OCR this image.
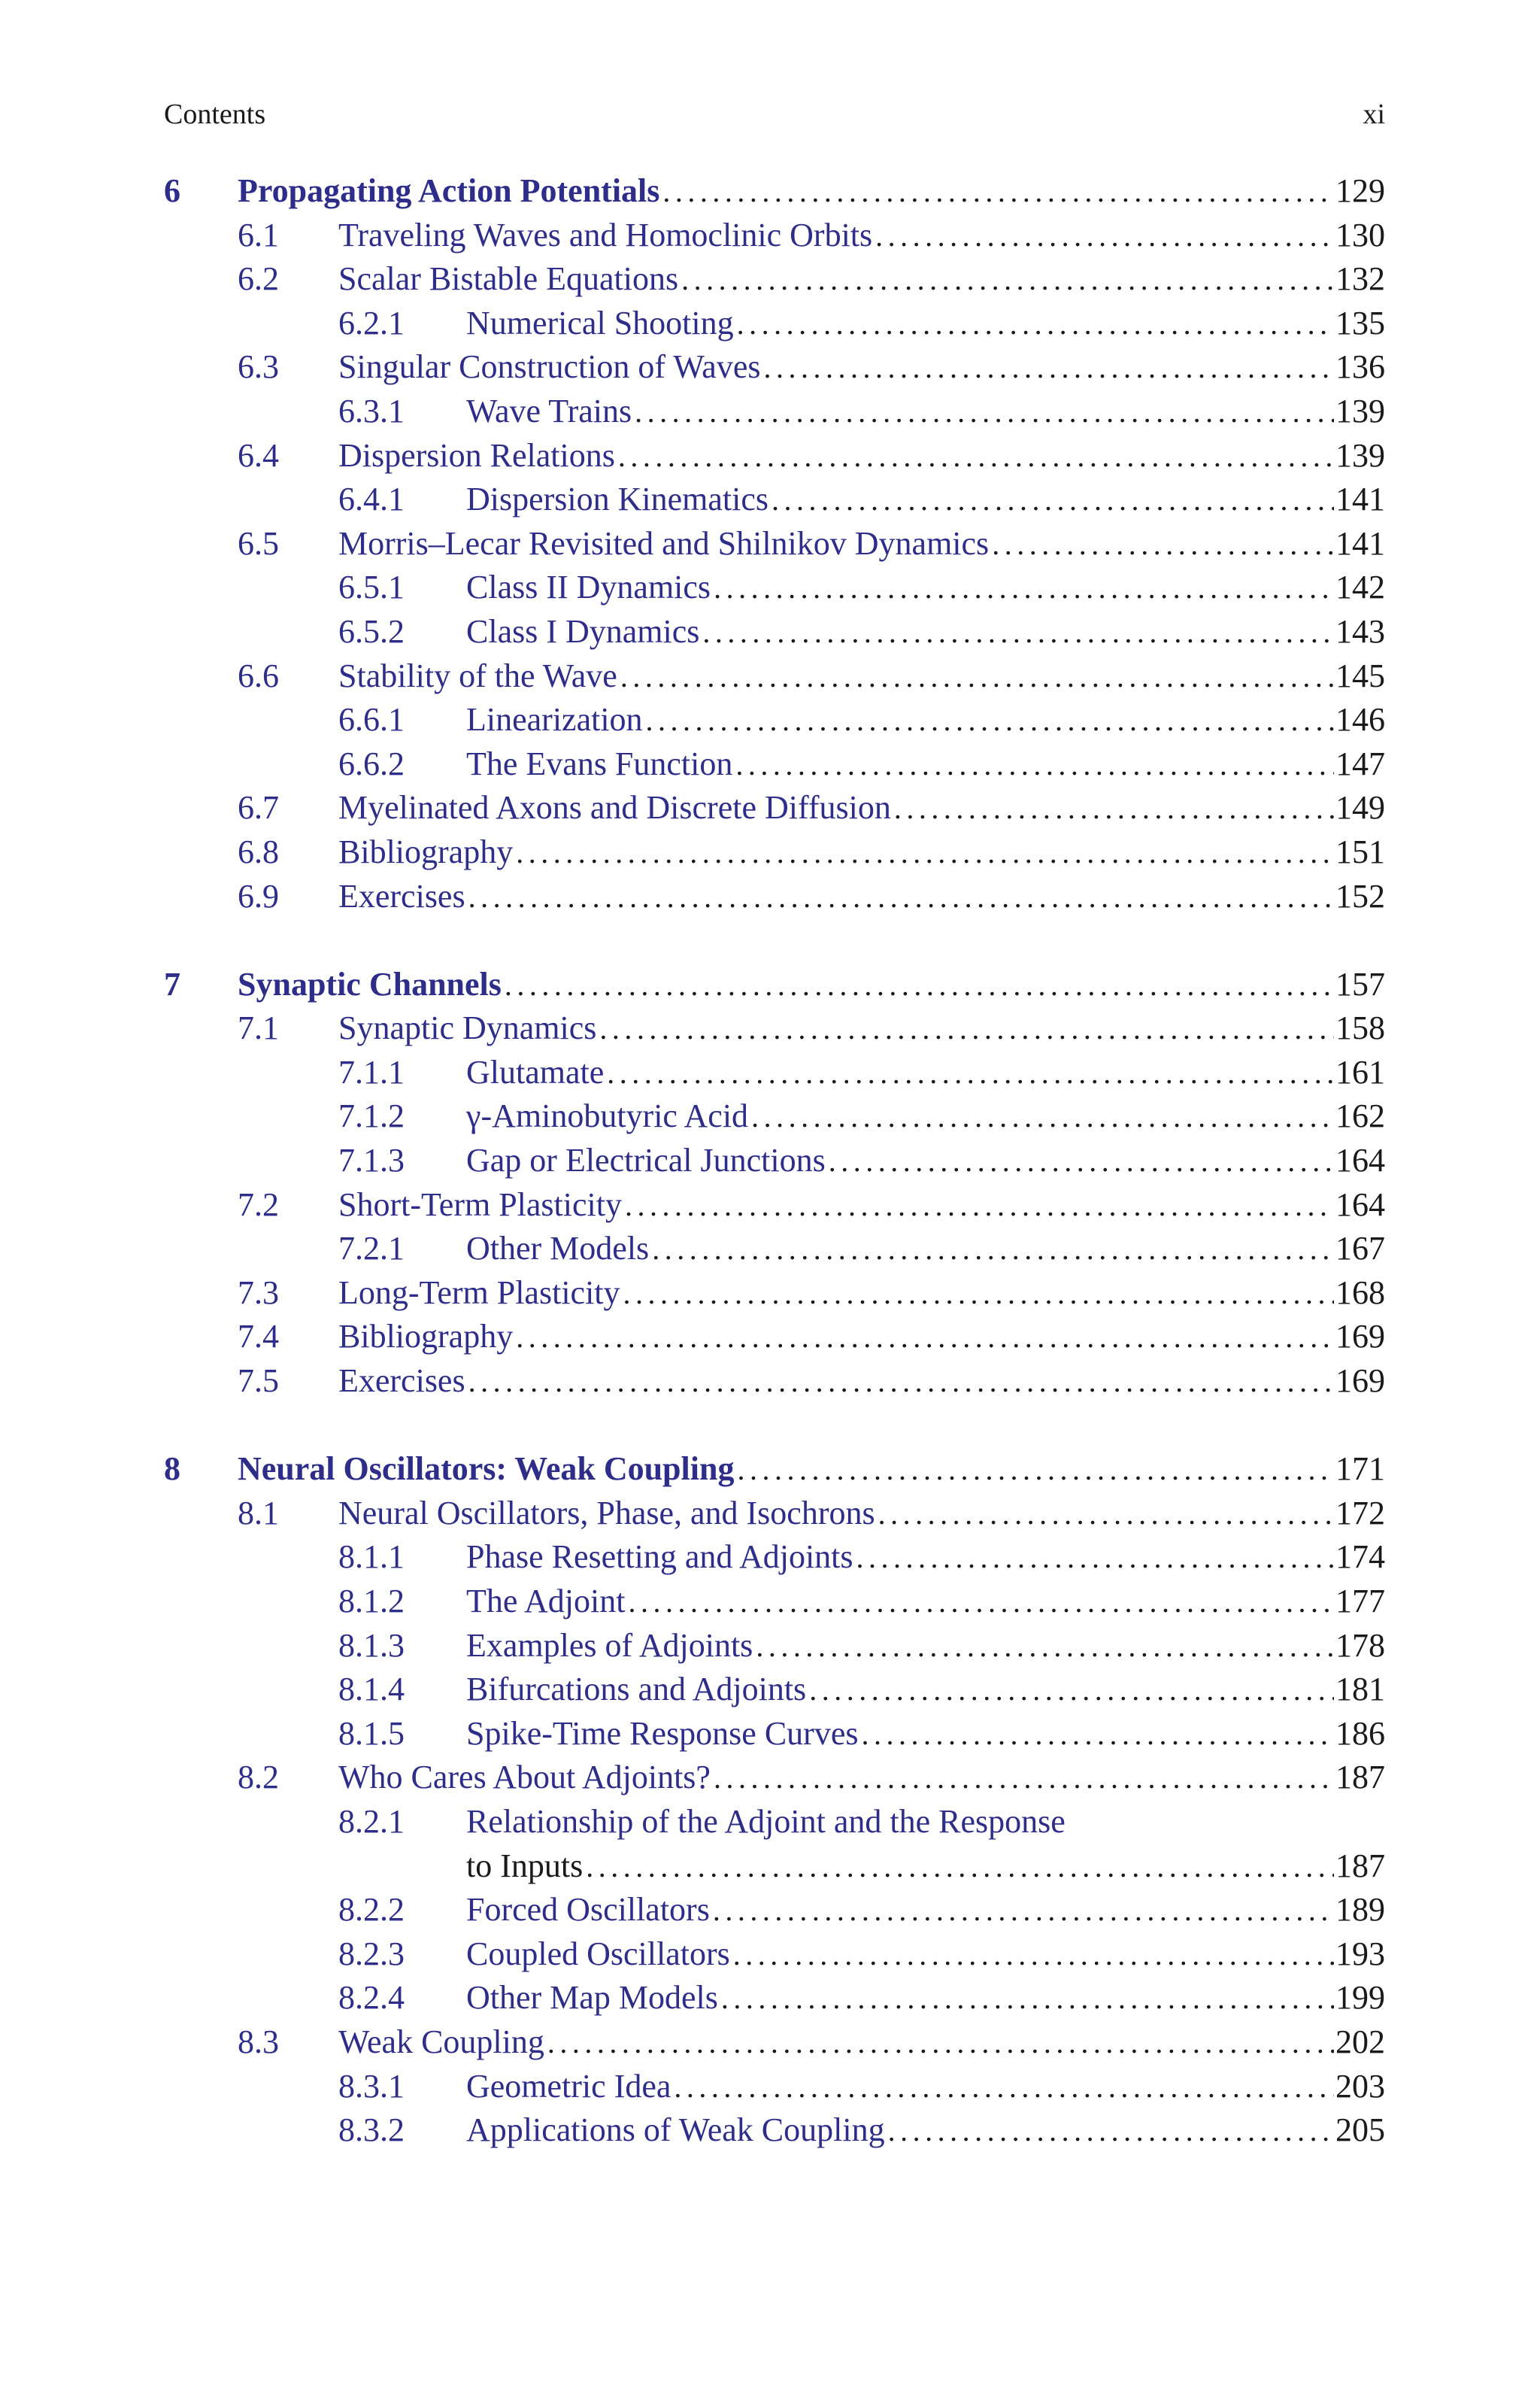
Contents	xi
6 Propagating Action Potentials .....	129
6.1 Traveling Waves and Homoclinic Orbits .....	130
6.2 Scalar Bistable Equations .....	132
6.2.1 Numerical Shooting .....	135
6.3 Singular Construction of Waves .....	136
6.3.1 Wave Trains .....	139
6.4 Dispersion Relations .....	139
6.4.1 Dispersion Kinematics .....	141
6.5 Morris–Lecar Revisited and Shilnikov Dynamics .....	141
6.5.1 Class II Dynamics .....	142
6.5.2 Class I Dynamics .....	143
6.6 Stability of the Wave .....	145
6.6.1 Linearization .....	146
6.6.2 The Evans Function .....	147
6.7 Myelinated Axons and Discrete Diffusion .....	149
6.8 Bibliography .....	151
6.9 Exercises .....	152
7 Synaptic Channels .....	157
7.1 Synaptic Dynamics .....	158
7.1.1 Glutamate .....	161
7.1.2 γ-Aminobutyric Acid .....	162
7.1.3 Gap or Electrical Junctions .....	164
7.2 Short-Term Plasticity .....	164
7.2.1 Other Models .....	167
7.3 Long-Term Plasticity .....	168
7.4 Bibliography .....	169
7.5 Exercises .....	169
8 Neural Oscillators: Weak Coupling .....	171
8.1 Neural Oscillators, Phase, and Isochrons .....	172
8.1.1 Phase Resetting and Adjoints .....	174
8.1.2 The Adjoint .....	177
8.1.3 Examples of Adjoints .....	178
8.1.4 Bifurcations and Adjoints .....	181
8.1.5 Spike-Time Response Curves .....	186
8.2 Who Cares About Adjoints? .....	187
8.2.1 Relationship of the Adjoint and the Response
to Inputs .....	187
8.2.2 Forced Oscillators .....	189
8.2.3 Coupled Oscillators .....	193
8.2.4 Other Map Models .....	199
8.3 Weak Coupling .....	202
8.3.1 Geometric Idea .....	203
8.3.2 Applications of Weak Coupling .....	205
